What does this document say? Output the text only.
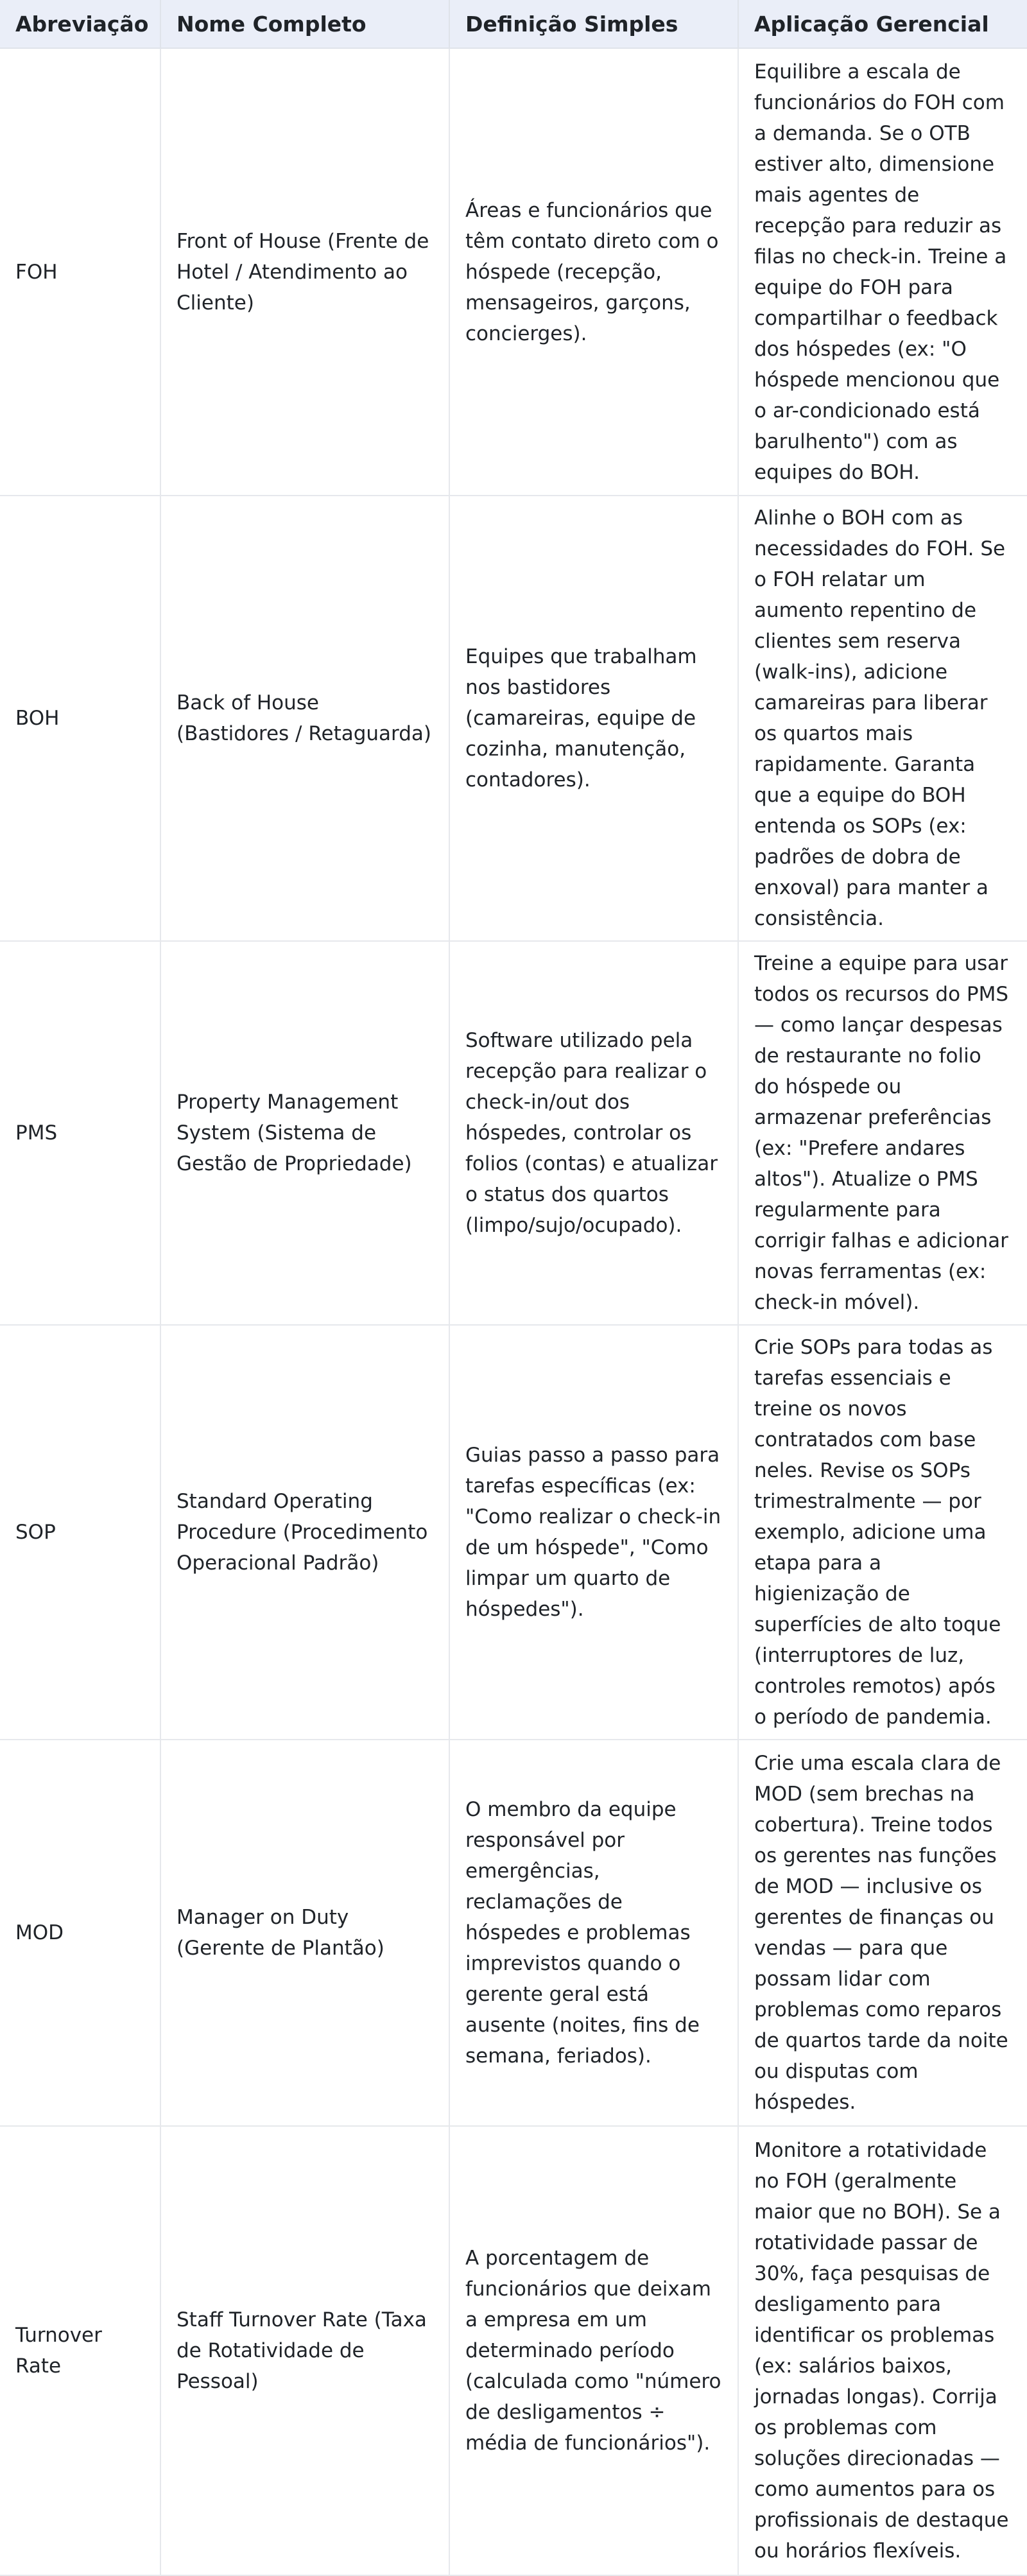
Abreviação	Nome Completo	Definição Simples	Aplicação Gerencial
FOH	Front of House (Frente de Hotel / Atendimento ao Cliente)	Áreas e funcionários que têm contato direto com o hóspede (recepção, mensageiros, garçons, concierges).	Equilibre a escala de funcionários do FOH com a demanda. Se o OTB estiver alto, dimensione mais agentes de recepção para reduzir as filas no check-in. Treine a equipe do FOH para compartilhar o feedback dos hóspedes (ex: "O hóspede mencionou que o ar-condicionado está barulhento") com as equipes do BOH.
BOH	Back of House (Bastidores / Retaguarda)	Equipes que trabalham nos bastidores (camareiras, equipe de cozinha, manutenção, contadores).	Alinhe o BOH com as necessidades do FOH. Se o FOH relatar um aumento repentino de clientes sem reserva (walk-ins), adicione camareiras para liberar os quartos mais rapidamente. Garanta que a equipe do BOH entenda os SOPs (ex: padrões de dobra de enxoval) para manter a consistência.
PMS	Property Management System (Sistema de Gestão de Propriedade)	Software utilizado pela recepção para realizar o check-in/out dos hóspedes, controlar os folios (contas) e atualizar o status dos quartos (limpo/sujo/ocupado).	Treine a equipe para usar todos os recursos do PMS — como lançar despesas de restaurante no folio do hóspede ou armazenar preferências (ex: "Prefere andares altos"). Atualize o PMS regularmente para corrigir falhas e adicionar novas ferramentas (ex: check-in móvel).
SOP	Standard Operating Procedure (Procedimento Operacional Padrão)	Guias passo a passo para tarefas específicas (ex: "Como realizar o check-in de um hóspede", "Como limpar um quarto de hóspedes").	Crie SOPs para todas as tarefas essenciais e treine os novos contratados com base neles. Revise os SOPs trimestralmente — por exemplo, adicione uma etapa para a higienização de superfícies de alto toque (interruptores de luz, controles remotos) após o período de pandemia.
MOD	Manager on Duty (Gerente de Plantão)	O membro da equipe responsável por emergências, reclamações de hóspedes e problemas imprevistos quando o gerente geral está ausente (noites, fins de semana, feriados).	Crie uma escala clara de MOD (sem brechas na cobertura). Treine todos os gerentes nas funções de MOD — inclusive os gerentes de finanças ou vendas — para que possam lidar com problemas como reparos de quartos tarde da noite ou disputas com hóspedes.
Turnover Rate	Staff Turnover Rate (Taxa de Rotatividade de Pessoal)	A porcentagem de funcionários que deixam a empresa em um determinado período (calculada como "número de desligamentos ÷ média de funcionários").	Monitore a rotatividade no FOH (geralmente maior que no BOH). Se a rotatividade passar de 30%, faça pesquisas de desligamento para identificar os problemas (ex: salários baixos, jornadas longas). Corrija os problemas com soluções direcionadas — como aumentos para os profissionais de destaque ou horários flexíveis.
